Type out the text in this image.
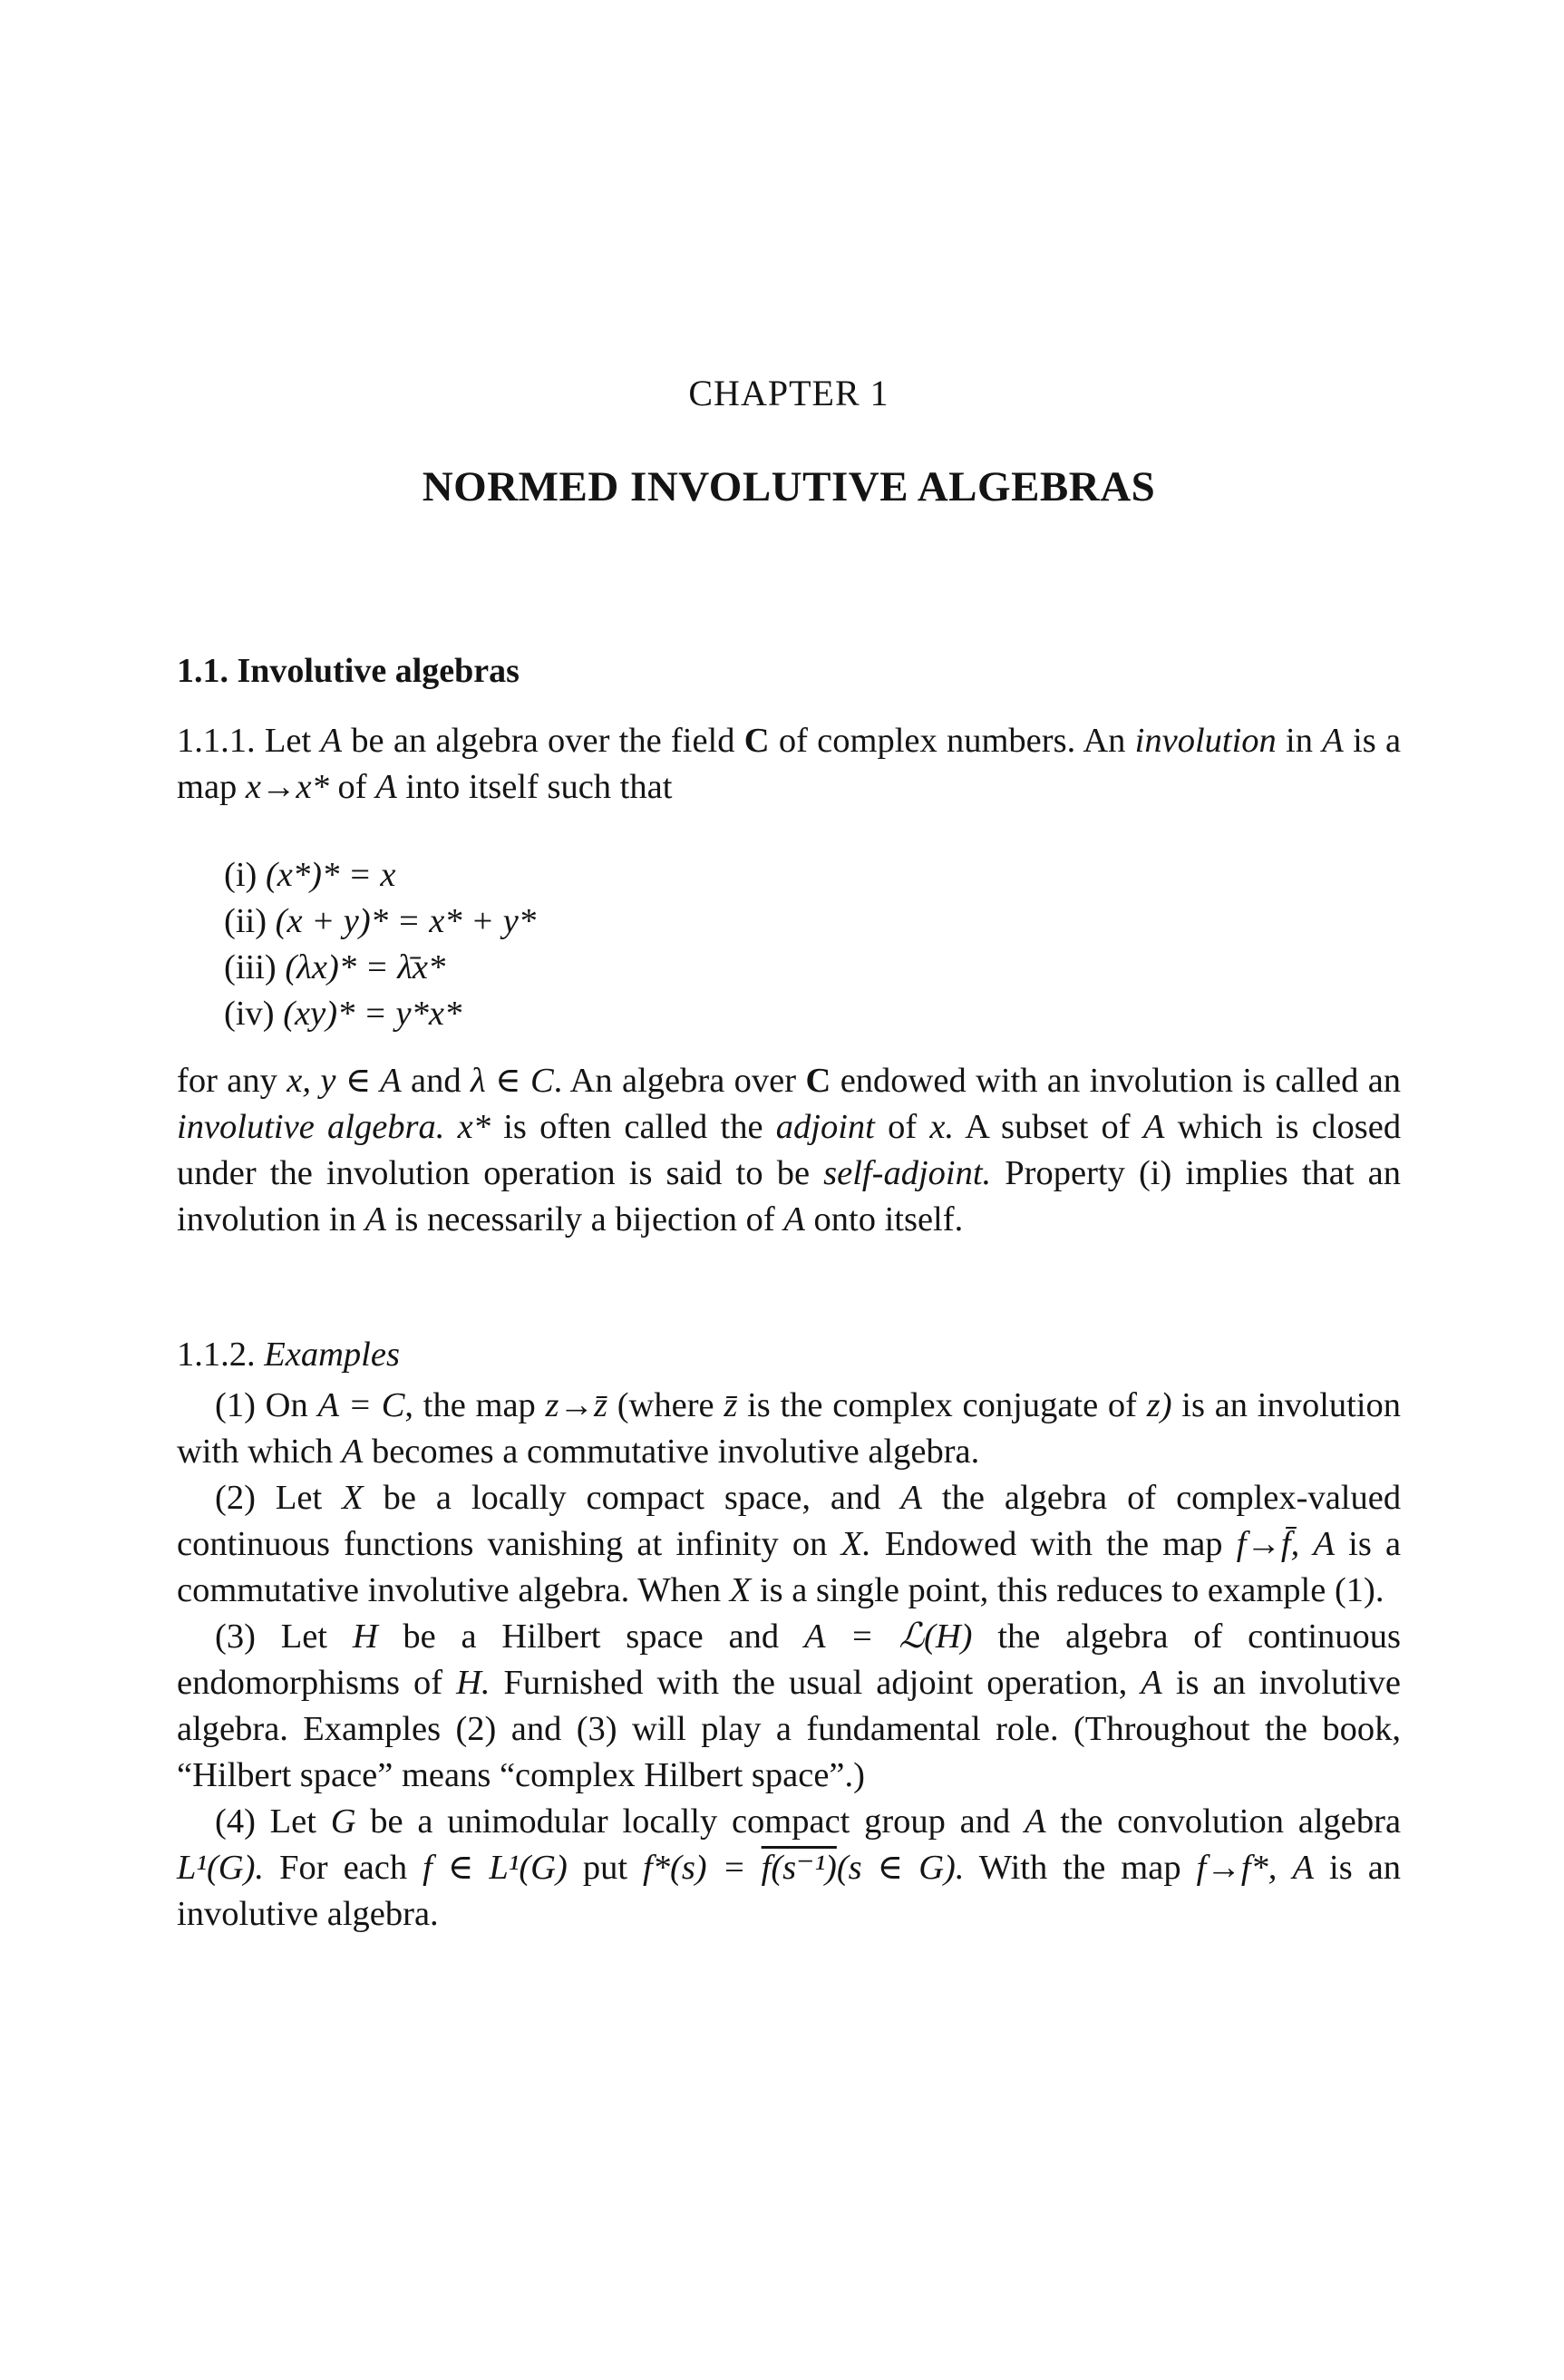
CHAPTER 1
NORMED INVOLUTIVE ALGEBRAS
1.1. Involutive algebras

1.1.1. Let A be an algebra over the field C of complex numbers. An involution in A is a map x→x* of A into itself such that

(i) (x*)* = x
(ii) (x + y)* = x* + y*
(iii) (λx)* = λ̄x*
(iv) (xy)* = y*x*

for any x, y ∈ A and λ ∈ C. An algebra over C endowed with an involution is called an involutive algebra. x* is often called the adjoint of x. A subset of A which is closed under the involution operation is said to be self-adjoint. Property (i) implies that an involution in A is necessarily a bijection of A onto itself.

1.1.2. Examples

(1) On A = C, the map z→z̄ (where z̄ is the complex conjugate of z) is an involution with which A becomes a commutative involutive algebra.

(2) Let X be a locally compact space, and A the algebra of complex-valued continuous functions vanishing at infinity on X. Endowed with the map f→f̄, A is a commutative involutive algebra. When X is a single point, this reduces to example (1).

(3) Let H be a Hilbert space and A = ℒ(H) the algebra of continuous endomorphisms of H. Furnished with the usual adjoint operation, A is an involutive algebra. Examples (2) and (3) will play a fundamental role. (Throughout the book, “Hilbert space” means “complex Hilbert space”.)

(4) Let G be a unimodular locally compact group and A the convolution algebra L¹(G). For each f ∈ L¹(G) put f*(s) = f(s⁻¹)(s ∈ G). With the map f→f*, A is an involutive algebra.
